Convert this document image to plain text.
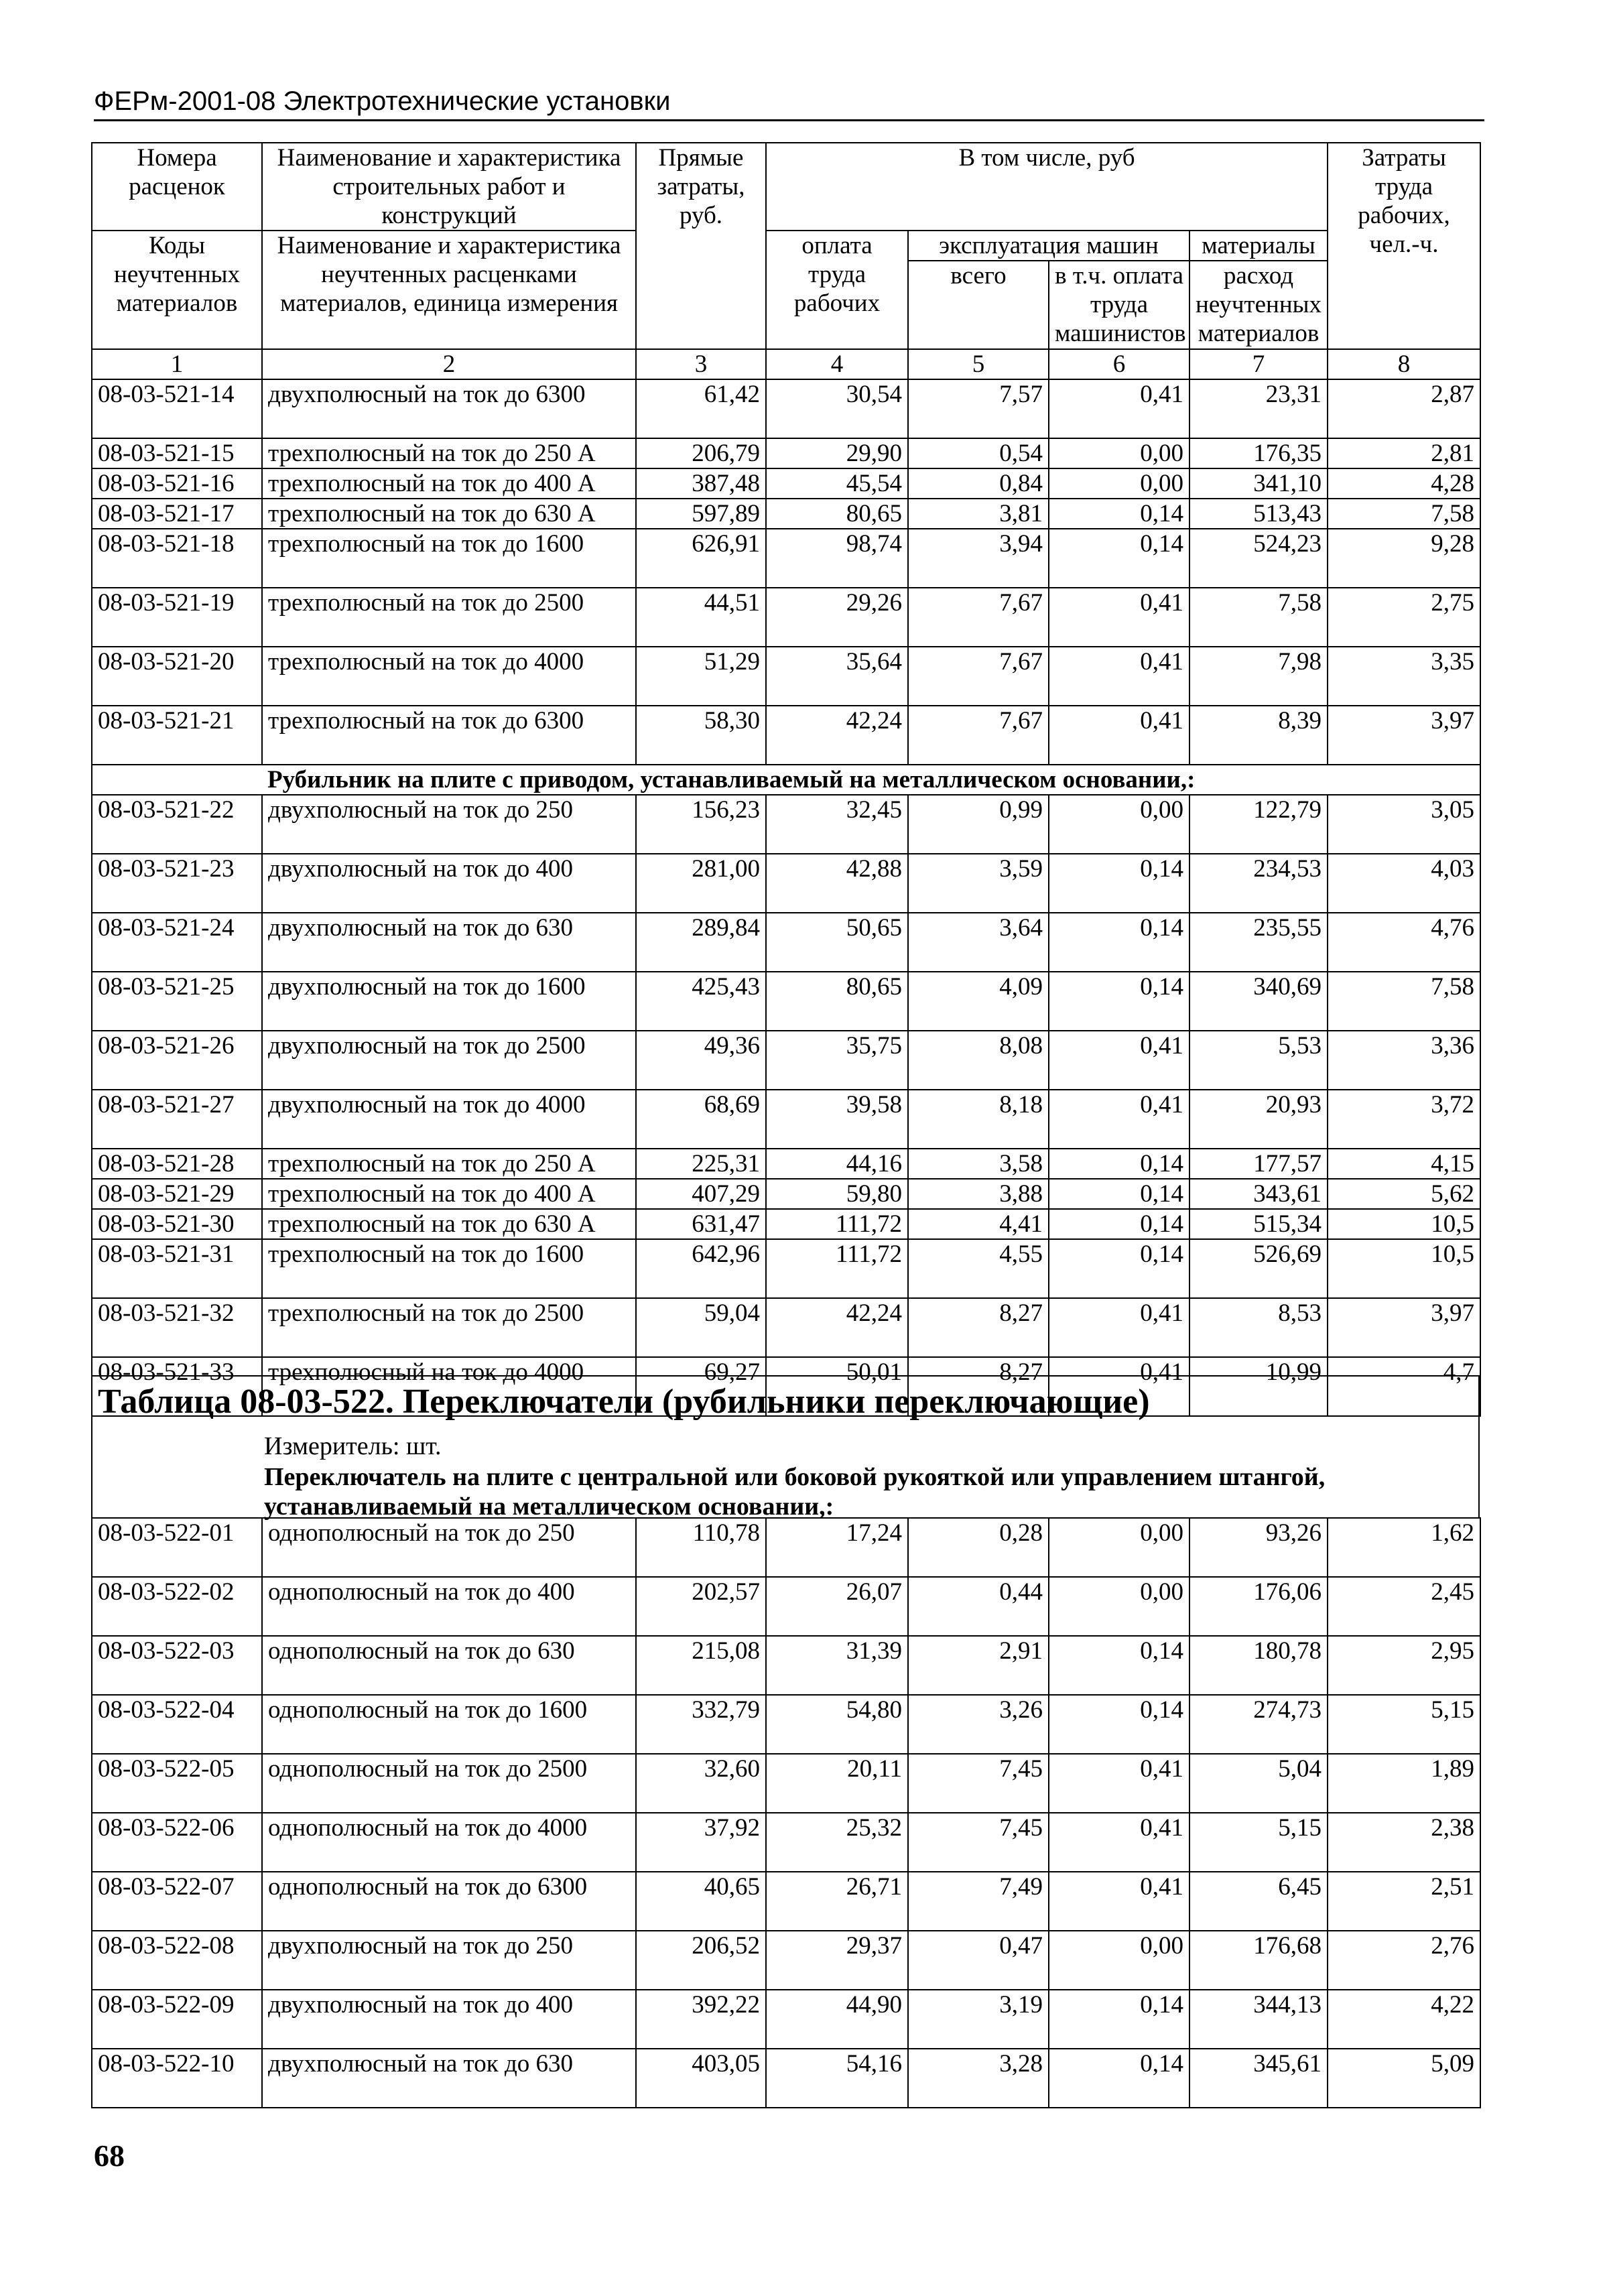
ФЕРм-2001-08 Электротехнические установки
Номера расценок	Наименование и характеристика строительных работ и конструкций	Прямые затраты, руб.	В том числе, руб				Затраты труда рабочих, чел.-ч.
Коды неучтенных материалов	Наименование и характеристика неучтенных расценками материалов, единица измерения		оплата труда рабочих	эксплуатация машин		материалы	
				всего	в т.ч. оплата труда машинистов	расход неучтенных материалов	
1	2	3	4	5	6	7	8
08-03-521-14	двухполюсный на ток до 6300	61,42	30,54	7,57	0,41	23,31	2,87
08-03-521-15	трехполюсный на ток до 250 А	206,79	29,90	0,54	0,00	176,35	2,81
08-03-521-16	трехполюсный на ток до 400 А	387,48	45,54	0,84	0,00	341,10	4,28
08-03-521-17	трехполюсный на ток до 630 А	597,89	80,65	3,81	0,14	513,43	7,58
08-03-521-18	трехполюсный на ток до 1600	626,91	98,74	3,94	0,14	524,23	9,28
08-03-521-19	трехполюсный на ток до 2500	44,51	29,26	7,67	0,41	7,58	2,75
08-03-521-20	трехполюсный на ток до 4000	51,29	35,64	7,67	0,41	7,98	3,35
08-03-521-21	трехполюсный на ток до 6300	58,30	42,24	7,67	0,41	8,39	3,97
	Рубильник на плите с приводом, устанавливаемый на металлическом основании,:						
08-03-521-22	двухполюсный на ток до 250	156,23	32,45	0,99	0,00	122,79	3,05
08-03-521-23	двухполюсный на ток до 400	281,00	42,88	3,59	0,14	234,53	4,03
08-03-521-24	двухполюсный на ток до 630	289,84	50,65	3,64	0,14	235,55	4,76
08-03-521-25	двухполюсный на ток до 1600	425,43	80,65	4,09	0,14	340,69	7,58
08-03-521-26	двухполюсный на ток до 2500	49,36	35,75	8,08	0,41	5,53	3,36
08-03-521-27	двухполюсный на ток до 4000	68,69	39,58	8,18	0,41	20,93	3,72
08-03-521-28	трехполюсный на ток до 250 А	225,31	44,16	3,58	0,14	177,57	4,15
08-03-521-29	трехполюсный на ток до 400 А	407,29	59,80	3,88	0,14	343,61	5,62
08-03-521-30	трехполюсный на ток до 630 А	631,47	111,72	4,41	0,14	515,34	10,5
08-03-521-31	трехполюсный на ток до 1600	642,96	111,72	4,55	0,14	526,69	10,5
08-03-521-32	трехполюсный на ток до 2500	59,04	42,24	8,27	0,41	8,53	3,97
08-03-521-33	трехполюсный на ток до 4000	69,27	50,01	8,27	0,41	10,99	4,7
Таблица 08-03-522. Переключатели (рубильники переключающие)
Измеритель: шт.
Переключатель на плите с центральной или боковой рукояткой или управлением штангой, устанавливаемый на металлическом основании,:
08-03-522-01	однополюсный на ток до 250	110,78	17,24	0,28	0,00	93,26	1,62
08-03-522-02	однополюсный на ток до 400	202,57	26,07	0,44	0,00	176,06	2,45
08-03-522-03	однополюсный на ток до 630	215,08	31,39	2,91	0,14	180,78	2,95
08-03-522-04	однополюсный на ток до 1600	332,79	54,80	3,26	0,14	274,73	5,15
08-03-522-05	однополюсный на ток до 2500	32,60	20,11	7,45	0,41	5,04	1,89
08-03-522-06	однополюсный на ток до 4000	37,92	25,32	7,45	0,41	5,15	2,38
08-03-522-07	однополюсный на ток до 6300	40,65	26,71	7,49	0,41	6,45	2,51
08-03-522-08	двухполюсный на ток до 250	206,52	29,37	0,47	0,00	176,68	2,76
08-03-522-09	двухполюсный на ток до 400	392,22	44,90	3,19	0,14	344,13	4,22
08-03-522-10	двухполюсный на ток до 630	403,05	54,16	3,28	0,14	345,61	5,09
68
